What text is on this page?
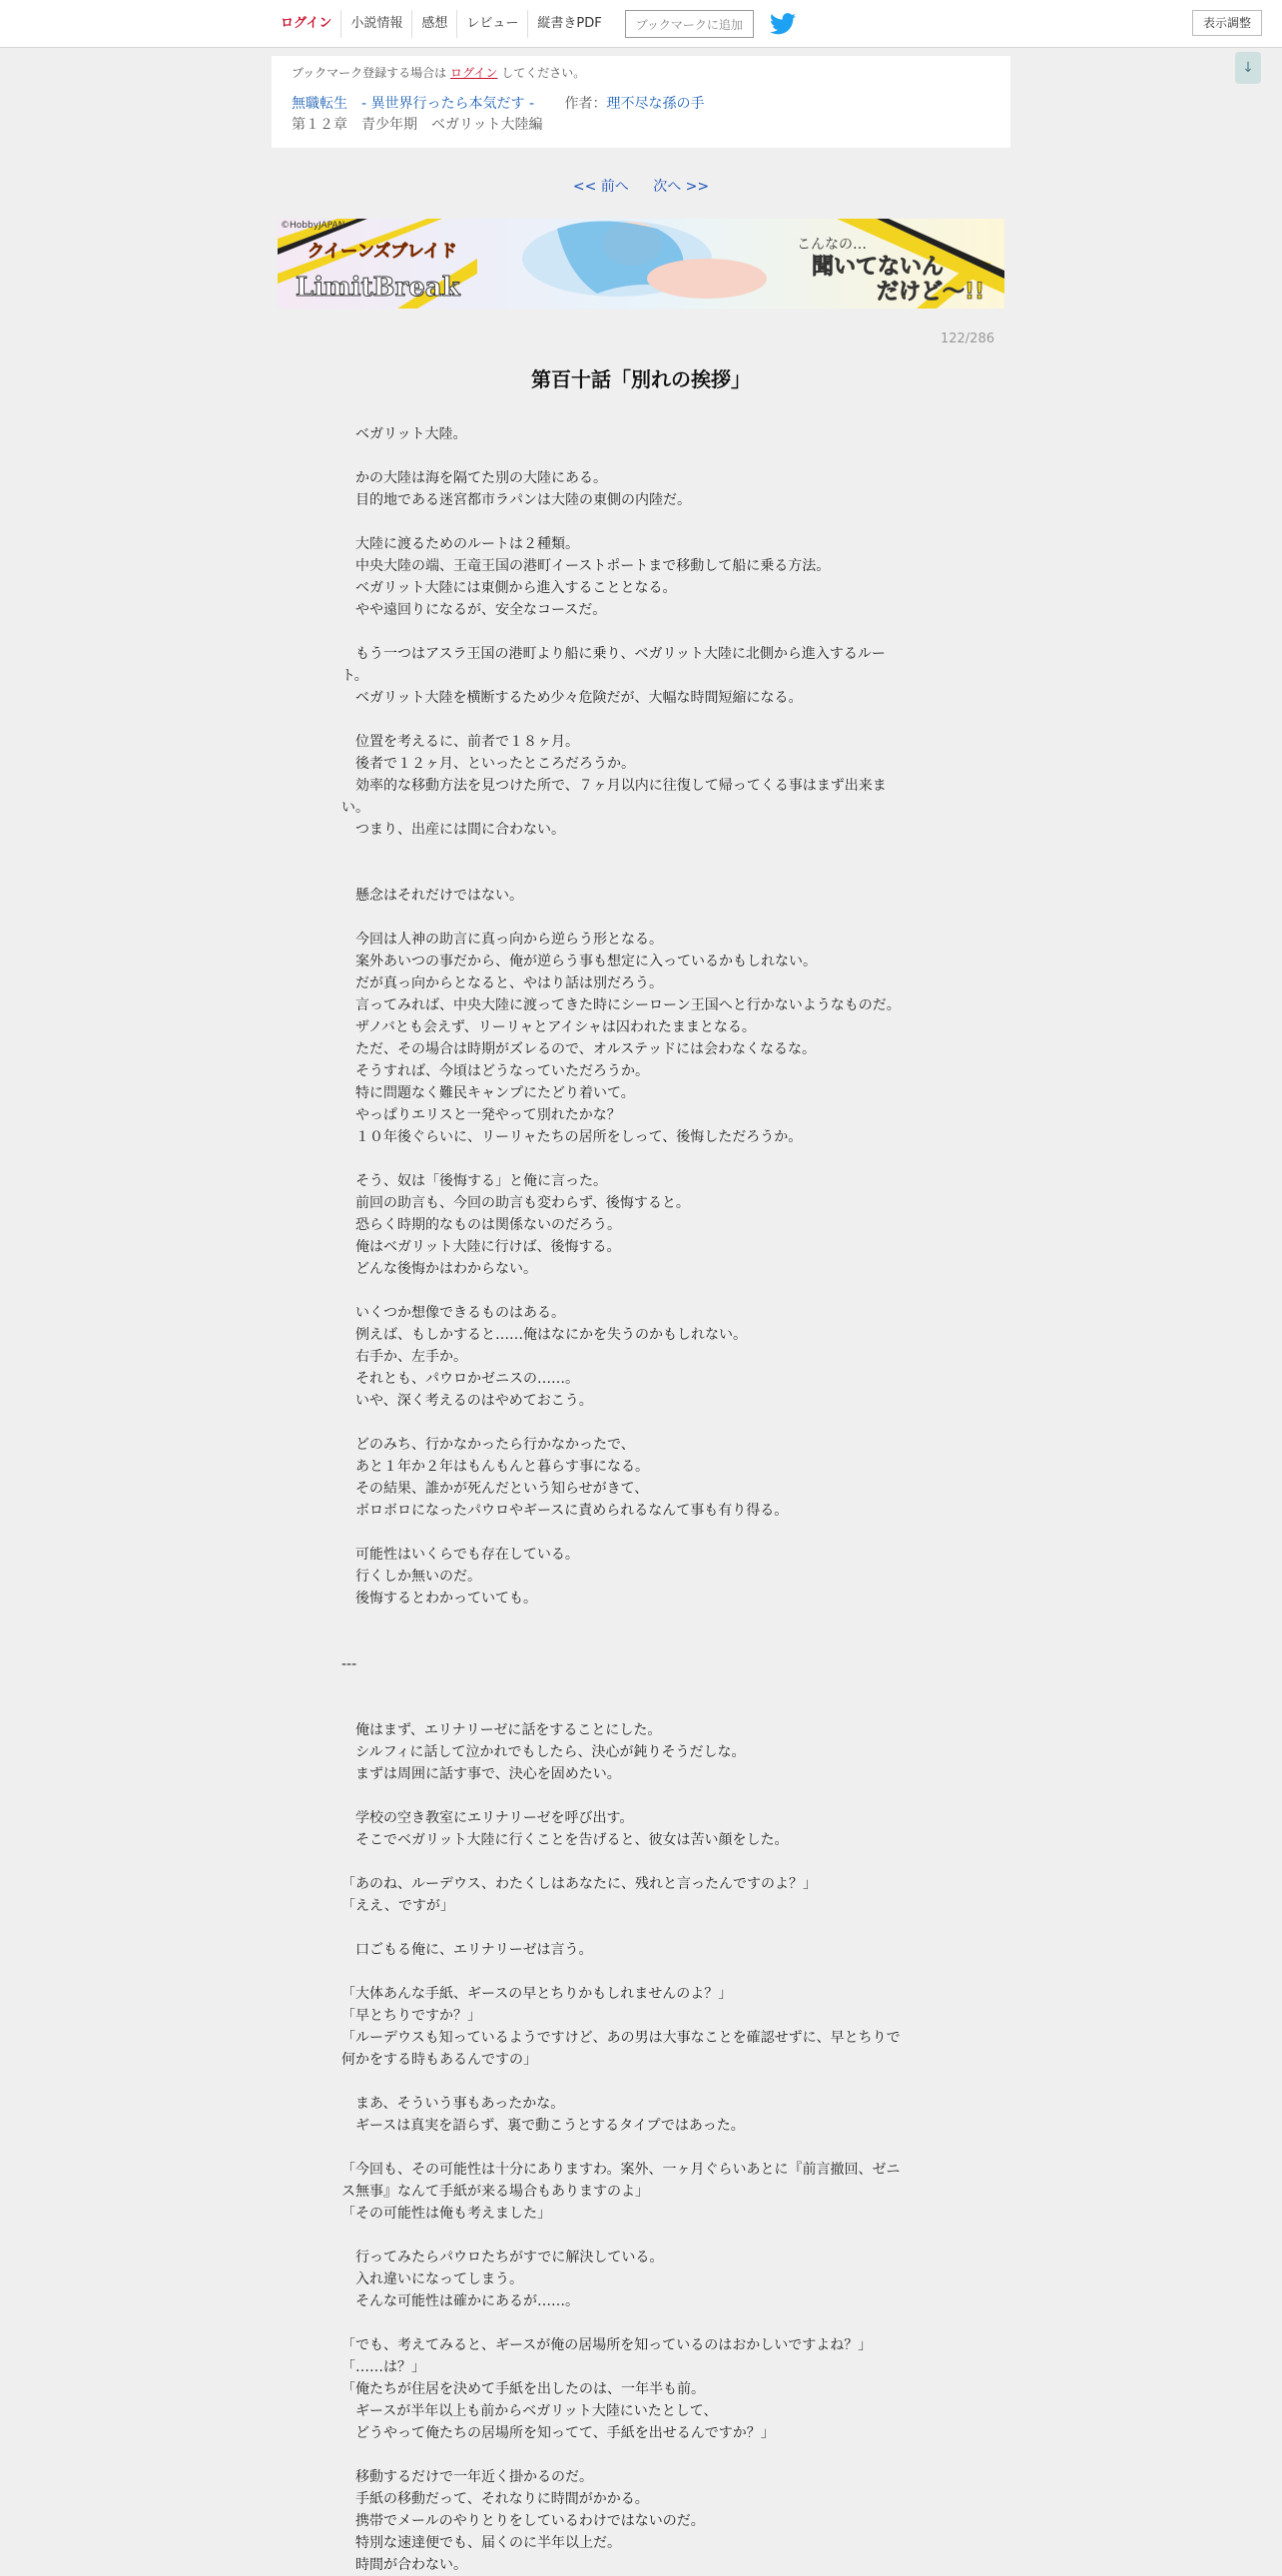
ログイン	小説情報	感想	レビュー	縦書きPDF	ブックマークに追加	表示調整
↓
ブックマーク登録する場合は ログイン してください。
無職転生　- 異世界行ったら本気だす - 作者：理不尽な孫の手
第１２章　青少年期　ベガリット大陸編
<< 前へ 次へ >>
©HobbyJAPAN
クイーンズブレイド
LimitBreak
こんなの…
聞いてないん
だけど～!!
122/286
第百十話「別れの挨拶」
　ベガリット大陸。
　かの大陸は海を隔てた別の大陸にある。
　目的地である迷宮都市ラパンは大陸の東側の内陸だ。
　大陸に渡るためのルートは２種類。
　中央大陸の端、王竜王国の港町イーストポートまで移動して船に乗る方法。
　ベガリット大陸には東側から進入することとなる。
　やや遠回りになるが、安全なコースだ。
　もう一つはアスラ王国の港町より船に乗り、ベガリット大陸に北側から進入するルー
ト。
　ベガリット大陸を横断するため少々危険だが、大幅な時間短縮になる。
　位置を考えるに、前者で１８ヶ月。
　後者で１２ヶ月、といったところだろうか。
　効率的な移動方法を見つけた所で、７ヶ月以内に往復して帰ってくる事はまず出来ま
い。
　つまり、出産には間に合わない。
　懸念はそれだけではない。
　今回は人神の助言に真っ向から逆らう形となる。
　案外あいつの事だから、俺が逆らう事も想定に入っているかもしれない。
　だが真っ向からとなると、やはり話は別だろう。
　言ってみれば、中央大陸に渡ってきた時にシーローン王国へと行かないようなものだ。
　ザノバとも会えず、リーリャとアイシャは囚われたままとなる。
　ただ、その場合は時期がズレるので、オルステッドには会わなくなるな。
　そうすれば、今頃はどうなっていただろうか。
　特に問題なく難民キャンプにたどり着いて。
　やっぱりエリスと一発やって別れたかな？
　１０年後ぐらいに、リーリャたちの居所をしって、後悔しただろうか。
　そう、奴は「後悔する」と俺に言った。
　前回の助言も、今回の助言も変わらず、後悔すると。
　恐らく時期的なものは関係ないのだろう。
　俺はベガリット大陸に行けば、後悔する。
　どんな後悔かはわからない。
　いくつか想像できるものはある。
　例えば、もしかすると……俺はなにかを失うのかもしれない。
　右手か、左手か。
　それとも、パウロかゼニスの……。
　いや、深く考えるのはやめておこう。
　どのみち、行かなかったら行かなかったで、
　あと１年か２年はもんもんと暮らす事になる。
　その結果、誰かが死んだという知らせがきて、
　ボロボロになったパウロやギースに責められるなんて事も有り得る。
　可能性はいくらでも存在している。
　行くしか無いのだ。
　後悔するとわかっていても。
---
　俺はまず、エリナリーゼに話をすることにした。
　シルフィに話して泣かれでもしたら、決心が鈍りそうだしな。
　まずは周囲に話す事で、決心を固めたい。
　学校の空き教室にエリナリーゼを呼び出す。
　そこでベガリット大陸に行くことを告げると、彼女は苦い顔をした。
「あのね、ルーデウス、わたくしはあなたに、残れと言ったんですのよ？」
「ええ、ですが」
　口ごもる俺に、エリナリーゼは言う。
「大体あんな手紙、ギースの早とちりかもしれませんのよ？」
「早とちりですか？」
「ルーデウスも知っているようですけど、あの男は大事なことを確認せずに、早とちりで
何かをする時もあるんですの」
　まあ、そういう事もあったかな。
　ギースは真実を語らず、裏で動こうとするタイプではあった。
「今回も、その可能性は十分にありますわ。案外、一ヶ月ぐらいあとに『前言撤回、ゼニ
ス無事』なんて手紙が来る場合もありますのよ」
「その可能性は俺も考えました」
　行ってみたらパウロたちがすでに解決している。
　入れ違いになってしまう。
　そんな可能性は確かにあるが……。
「でも、考えてみると、ギースが俺の居場所を知っているのはおかしいですよね？」
「……は？」
「俺たちが住居を決めて手紙を出したのは、一年半も前。
　ギースが半年以上も前からベガリット大陸にいたとして、
　どうやって俺たちの居場所を知ってて、手紙を出せるんですか？」
　移動するだけで一年近く掛かるのだ。
　手紙の移動だって、それなりに時間がかかる。
　携帯でメールのやりとりをしているわけではないのだ。
　特別な速達便でも、届くのに半年以上だ。
　時間が合わない。
